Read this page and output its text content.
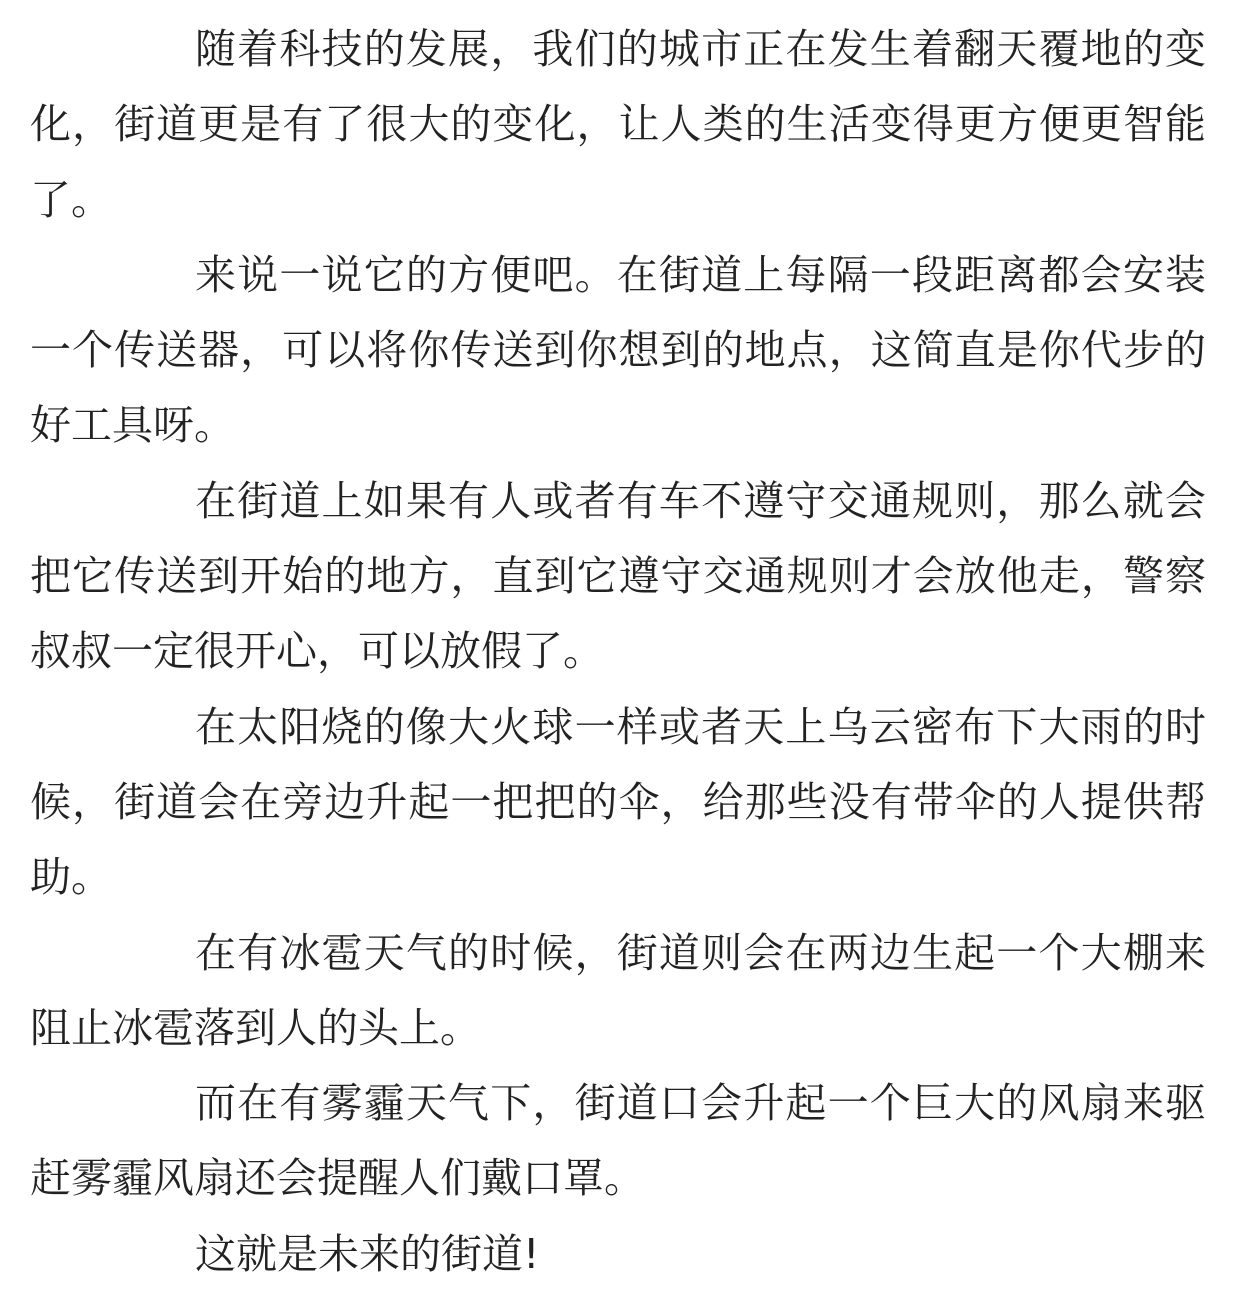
随着科技的发展，我们的城市正在发生着翻天覆地的变化，街道更是有了很大的变化，让人类的生活变得更方便更智能了。

来说一说它的方便吧。在街道上每隔一段距离都会安装一个传送器，可以将你传送到你想到的地点，这简直是你代步的好工具呀。

在街道上如果有人或者有车不遵守交通规则，那么就会把它传送到开始的地方，直到它遵守交通规则才会放他走，警察叔叔一定很开心，可以放假了。

在太阳烧的像大火球一样或者天上乌云密布下大雨的时候，街道会在旁边升起一把把的伞，给那些没有带伞的人提供帮助。

在有冰雹天气的时候，街道则会在两边生起一个大棚来阻止冰雹落到人的头上。

而在有雾霾天气下，街道口会升起一个巨大的风扇来驱赶雾霾风扇还会提醒人们戴口罩。

这就是未来的街道!
